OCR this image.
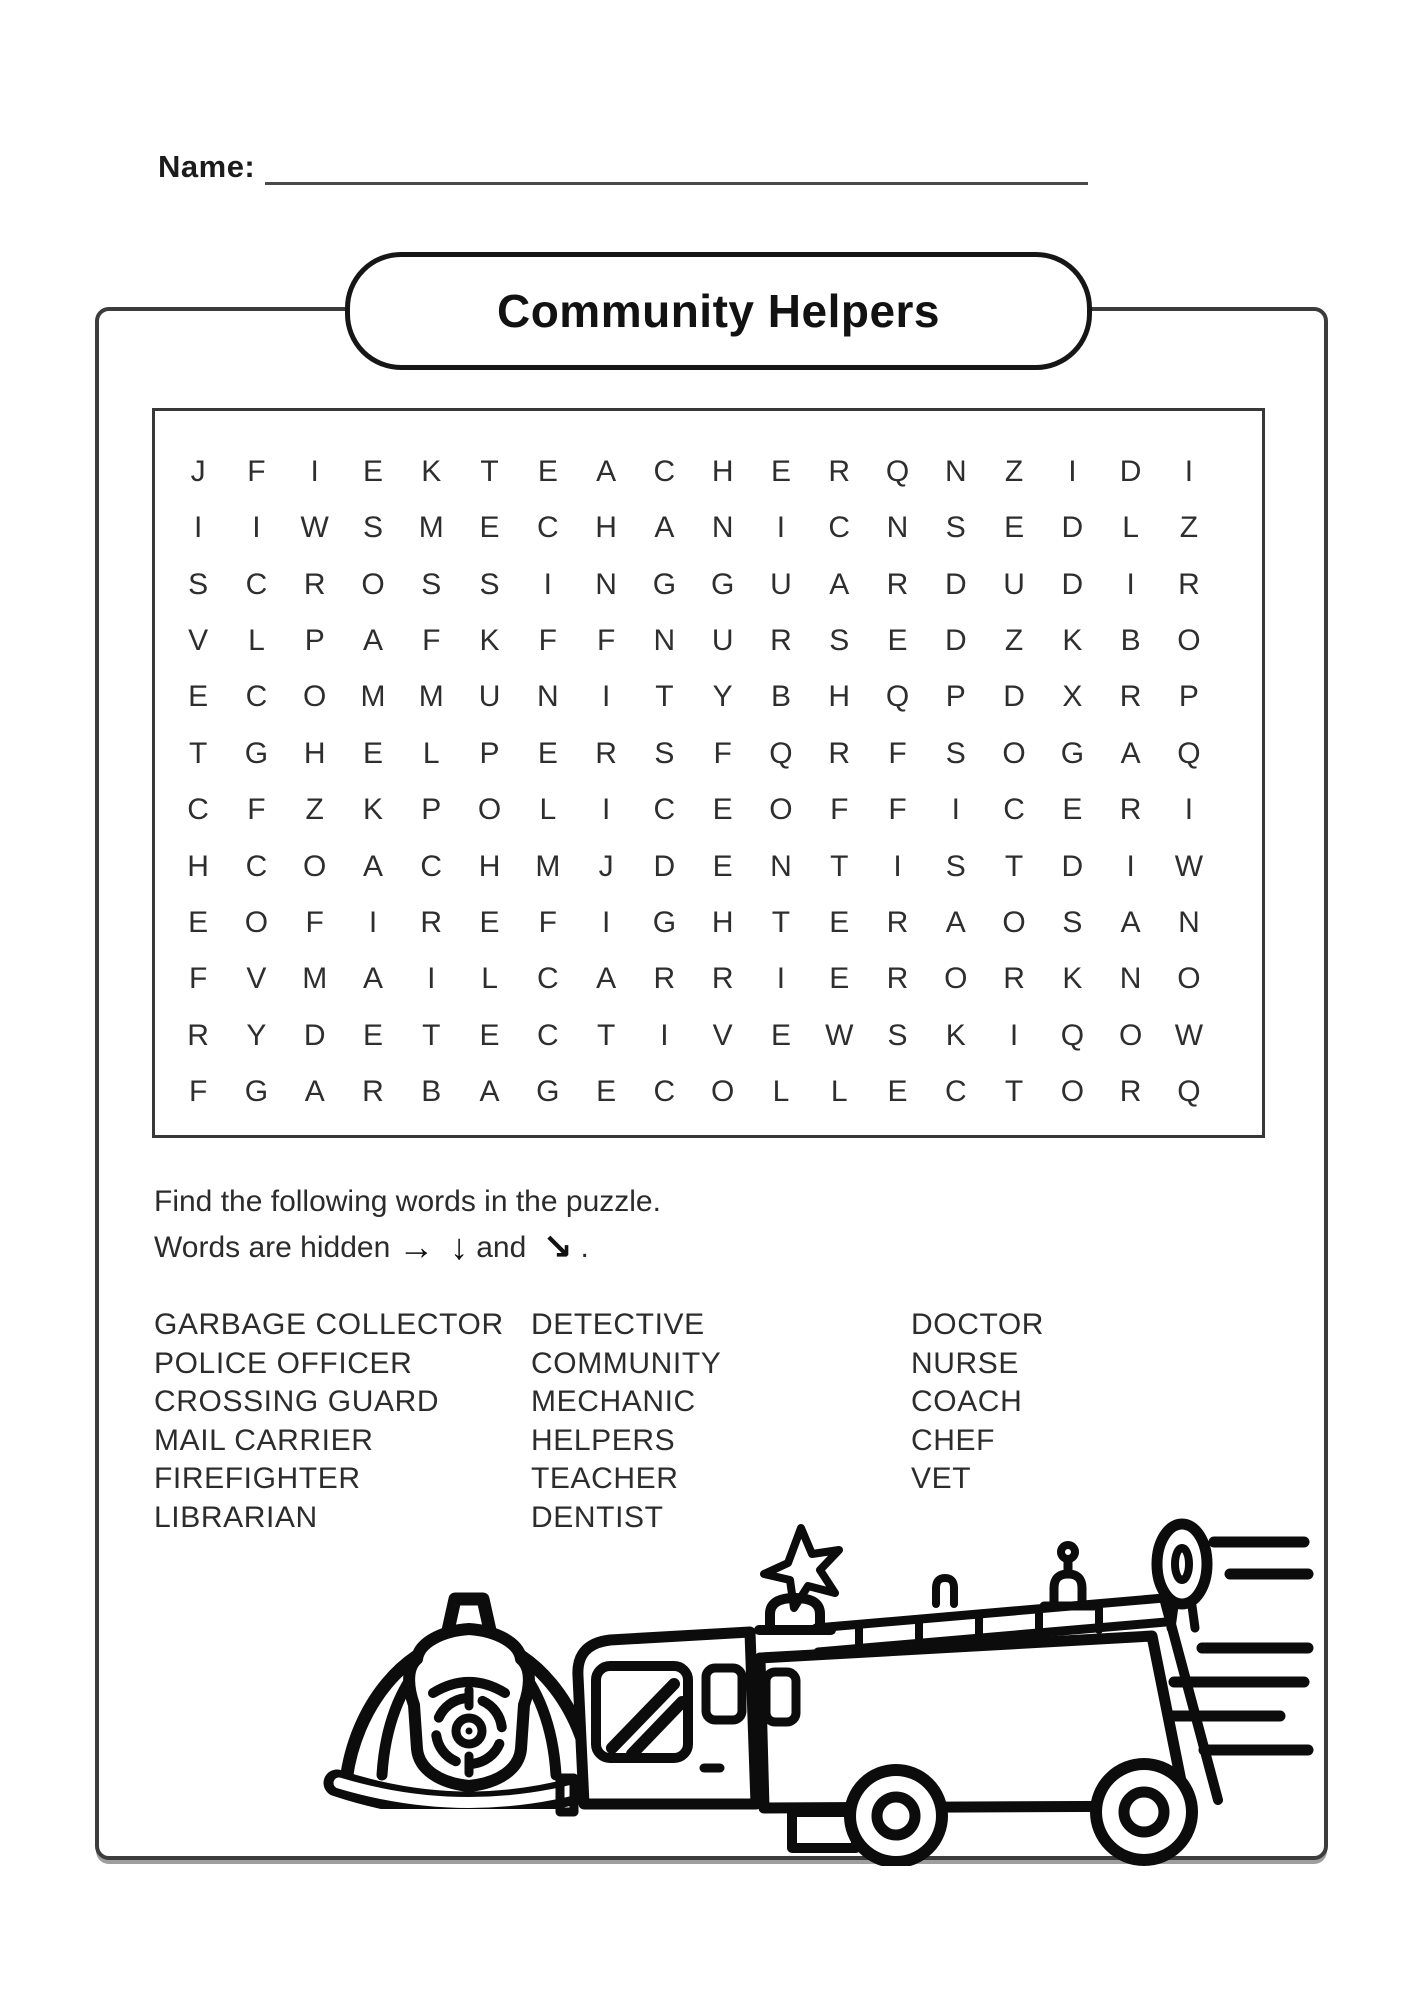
Name:
Community Helpers
J	F	I	E	K	T	E	A	C	H	E	R	Q	N	Z	I	D	I
I	I	W	S	M	E	C	H	A	N	I	C	N	S	E	D	L	Z
S	C	R	O	S	S	I	N	G	G	U	A	R	D	U	D	I	R
V	L	P	A	F	K	F	F	N	U	R	S	E	D	Z	K	B	O
E	C	O	M	M	U	N	I	T	Y	B	H	Q	P	D	X	R	P
T	G	H	E	L	P	E	R	S	F	Q	R	F	S	O	G	A	Q
C	F	Z	K	P	O	L	I	C	E	O	F	F	I	C	E	R	I
H	C	O	A	C	H	M	J	D	E	N	T	I	S	T	D	I	W
E	O	F	I	R	E	F	I	G	H	T	E	R	A	O	S	A	N
F	V	M	A	I	L	C	A	R	R	I	E	R	O	R	K	N	O
R	Y	D	E	T	E	C	T	I	V	E	W	S	K	I	Q	O	W
F	G	A	R	B	A	G	E	C	O	L	L	E	C	T	O	R	Q
Find the following words in the puzzle.
Words are hidden → ↓ and ↘ .
GARBAGE COLLECTOR
POLICE OFFICER
CROSSING GUARD
MAIL CARRIER
FIREFIGHTER
LIBRARIAN
DETECTIVE
COMMUNITY
MECHANIC
HELPERS
TEACHER
DENTIST
DOCTOR
NURSE
COACH
CHEF
VET
